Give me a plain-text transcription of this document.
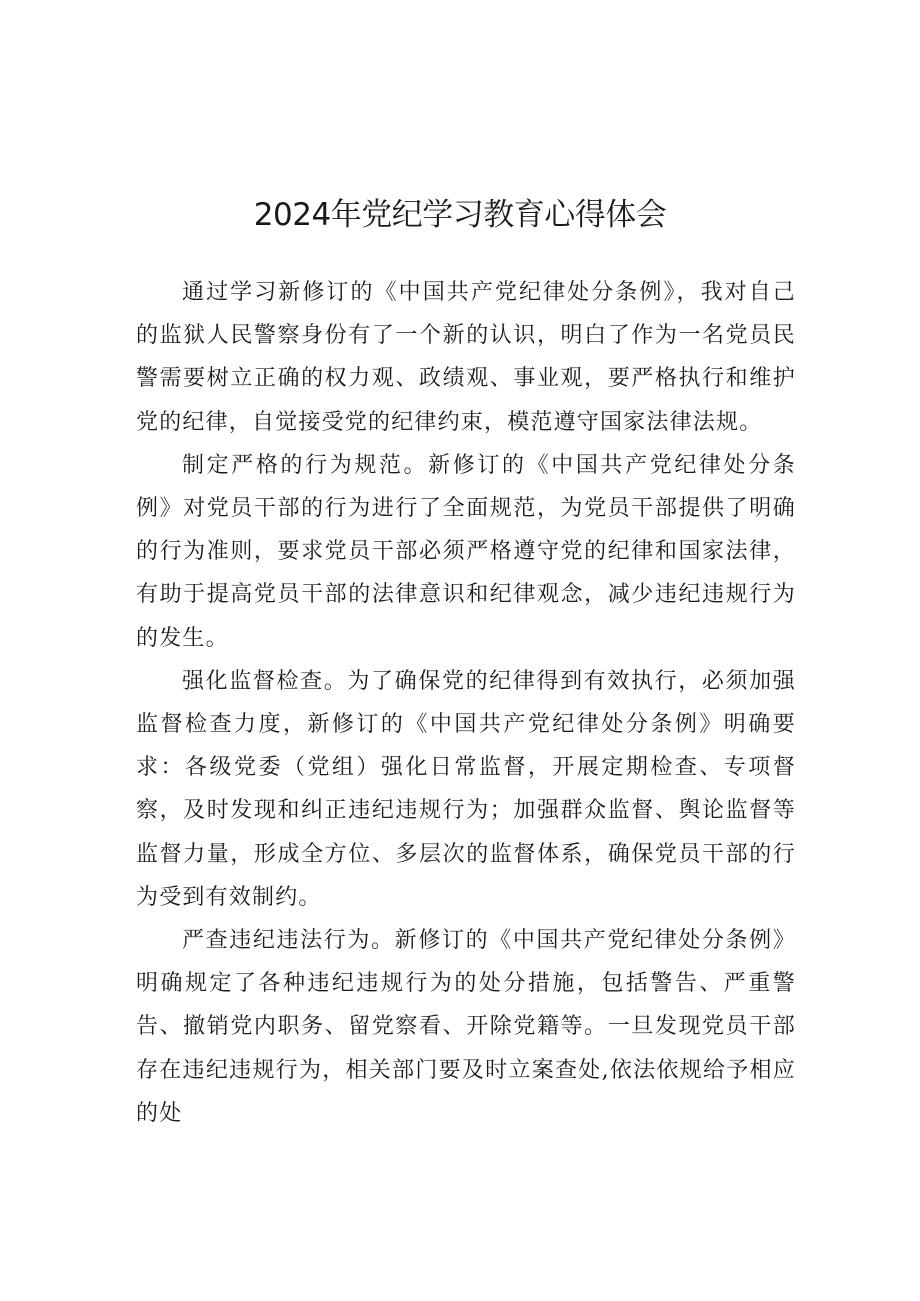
2024年党纪学习教育心得体会

通过学习新修订的《中国共产党纪律处分条例》，我对自己的监狱人民警察身份有了一个新的认识，明白了作为一名党员民警需要树立正确的权力观、政绩观、事业观，要严格执行和维护党的纪律，自觉接受党的纪律约束，模范遵守国家法律法规。

制定严格的行为规范。新修订的《中国共产党纪律处分条例》对党员干部的行为进行了全面规范，为党员干部提供了明确的行为准则，要求党员干部必须严格遵守党的纪律和国家法律，有助于提高党员干部的法律意识和纪律观念，减少违纪违规行为的发生。

强化监督检查。为了确保党的纪律得到有效执行，必须加强监督检查力度，新修订的《中国共产党纪律处分条例》明确要求：各级党委（党组）强化日常监督，开展定期检查、专项督察，及时发现和纠正违纪违规行为；加强群众监督、舆论监督等监督力量，形成全方位、多层次的监督体系，确保党员干部的行为受到有效制约。

严查违纪违法行为。新修订的《中国共产党纪律处分条例》明确规定了各种违纪违规行为的处分措施，包括警告、严重警告、撤销党内职务、留党察看、开除党籍等。一旦发现党员干部存在违纪违规行为，相关部门要及时立案查处,依法依规给予相应的处
